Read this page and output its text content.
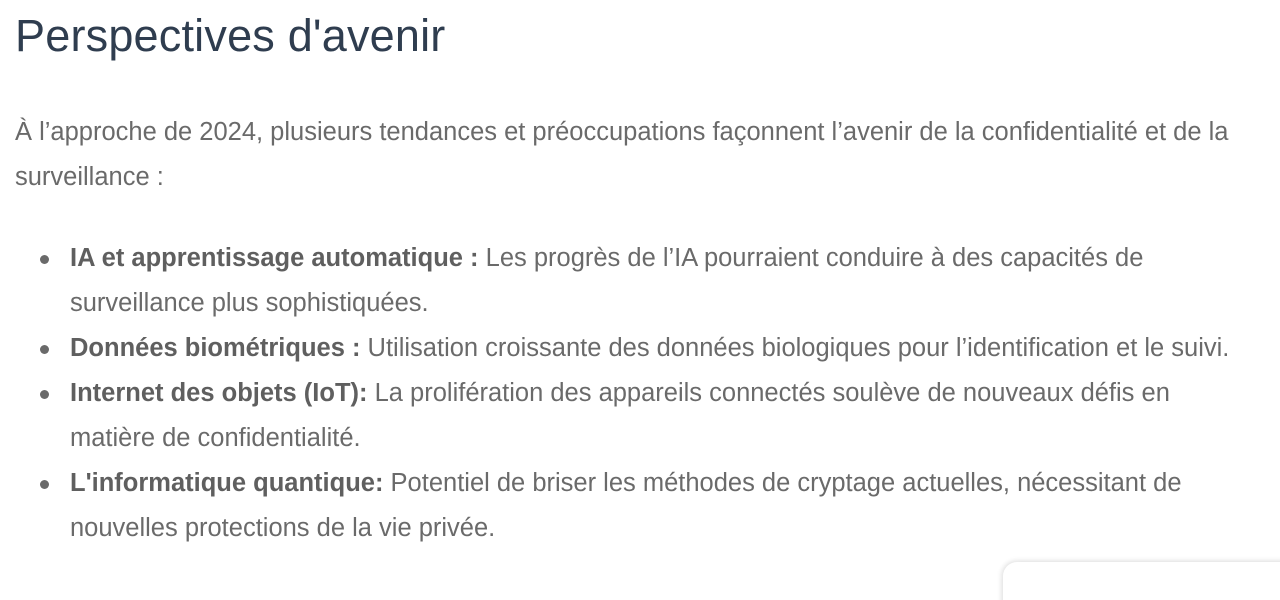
Perspectives d'avenir

À l’approche de 2024, plusieurs tendances et préoccupations façonnent l’avenir de la confidentialité et de la surveillance :

IA et apprentissage automatique : Les progrès de l’IA pourraient conduire à des capacités de surveillance plus sophistiquées.
Données biométriques : Utilisation croissante des données biologiques pour l’identification et le suivi.
Internet des objets (IoT): La prolifération des appareils connectés soulève de nouveaux défis en matière de confidentialité.
L'informatique quantique: Potentiel de briser les méthodes de cryptage actuelles, nécessitant de nouvelles protections de la vie privée.
